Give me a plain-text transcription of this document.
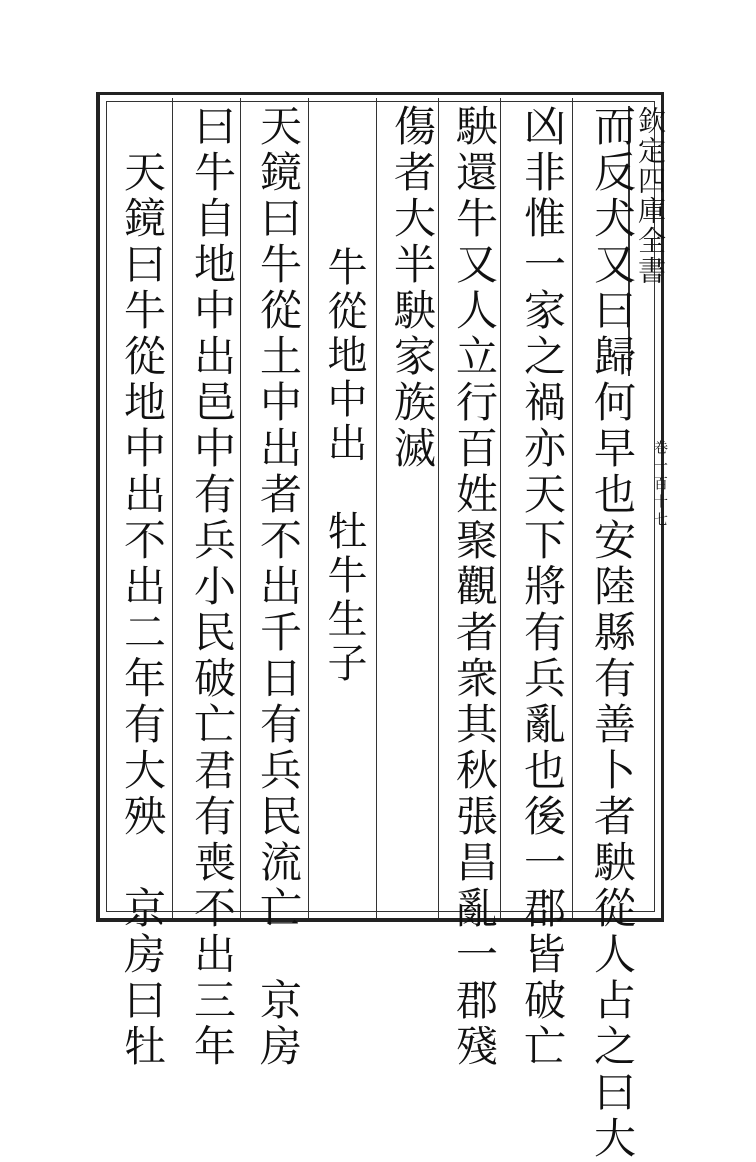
欽定四庫全書
卷一百十七
而反犬又曰歸何早也安陸縣有善卜者駚從人占之曰大
凶非惟一家之禍亦天下將有兵亂也後一郡皆破亡
駚還牛又人立行百姓聚觀者衆其秋張昌亂一郡殘
傷者大半駚家族滅
牛從地中出　牡牛生子
天鏡曰牛從土中出者不出千日有兵民流亡　京房
曰牛自地中出邑中有兵小民破亡君有喪不出三年
天鏡曰牛從地中出不出二年有大殃　京房曰牡
